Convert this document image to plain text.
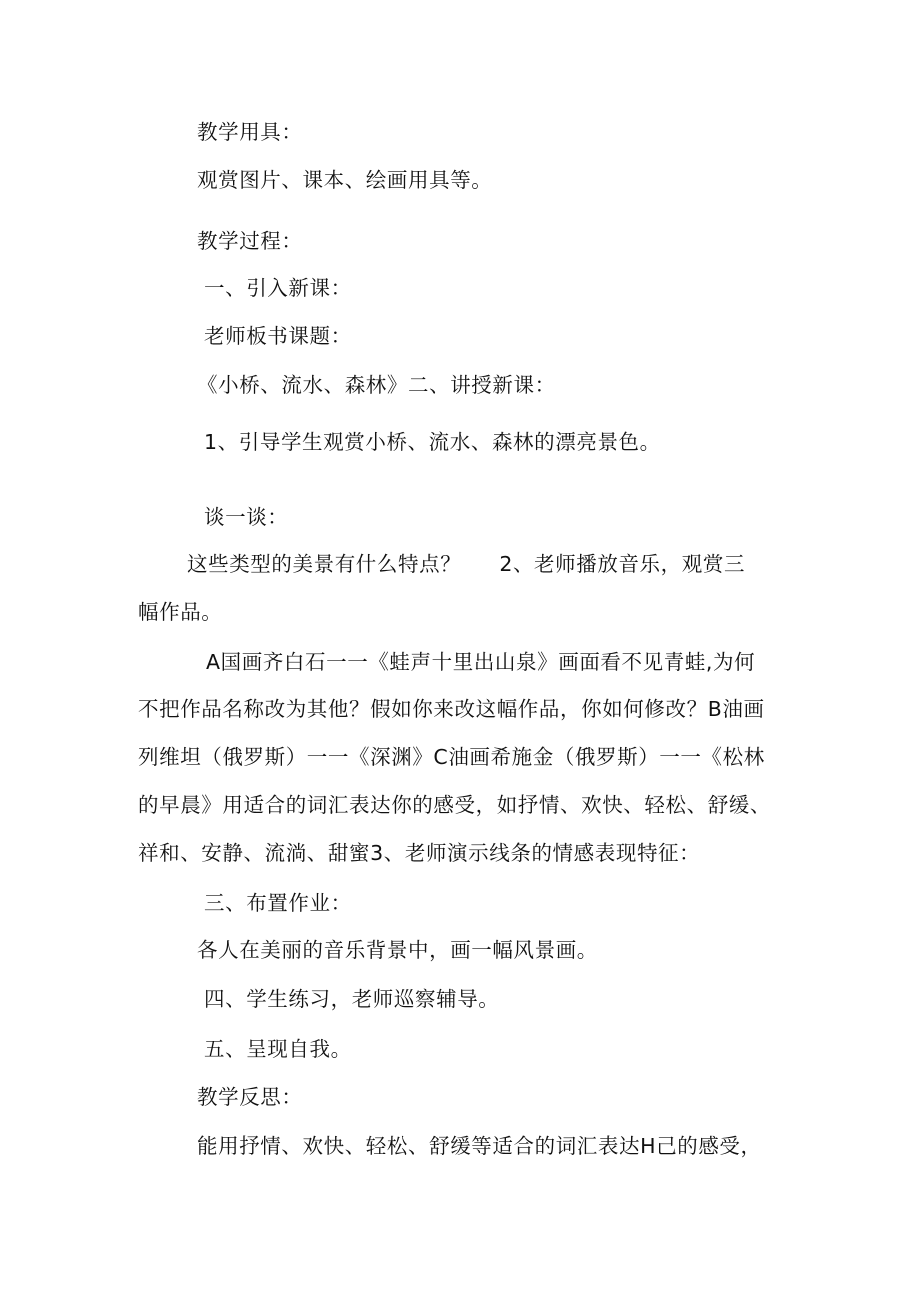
教学用具：

观赏图片、课本、绘画用具等。

教学过程：

一、引入新课：

老师板书课题：

《小桥、流水、森林》二、讲授新课：

1、引导学生观赏小桥、流水、森林的漂亮景色。

谈一谈：

这些类型的美景有什么特点？ 2、老师播放音乐，观赏三

幅作品。

A国画齐白石一一《蛙声十里出山泉》画面看不见青蛙,为何

不把作品名称改为其他？假如你来改这幅作品，你如何修改？B油画

列维坦（俄罗斯）一一《深渊》C油画希施金（俄罗斯）一一《松林

的早晨》用适合的词汇表达你的感受，如抒情、欢快、轻松、舒缓、

祥和、安静、流淌、甜蜜3、老师演示线条的情感表现特征：

三、布置作业：

各人在美丽的音乐背景中，画一幅风景画。

四、学生练习，老师巡察辅导。

五、呈现自我。

教学反思：

能用抒情、欢快、轻松、舒缓等适合的词汇表达H己的感受，
